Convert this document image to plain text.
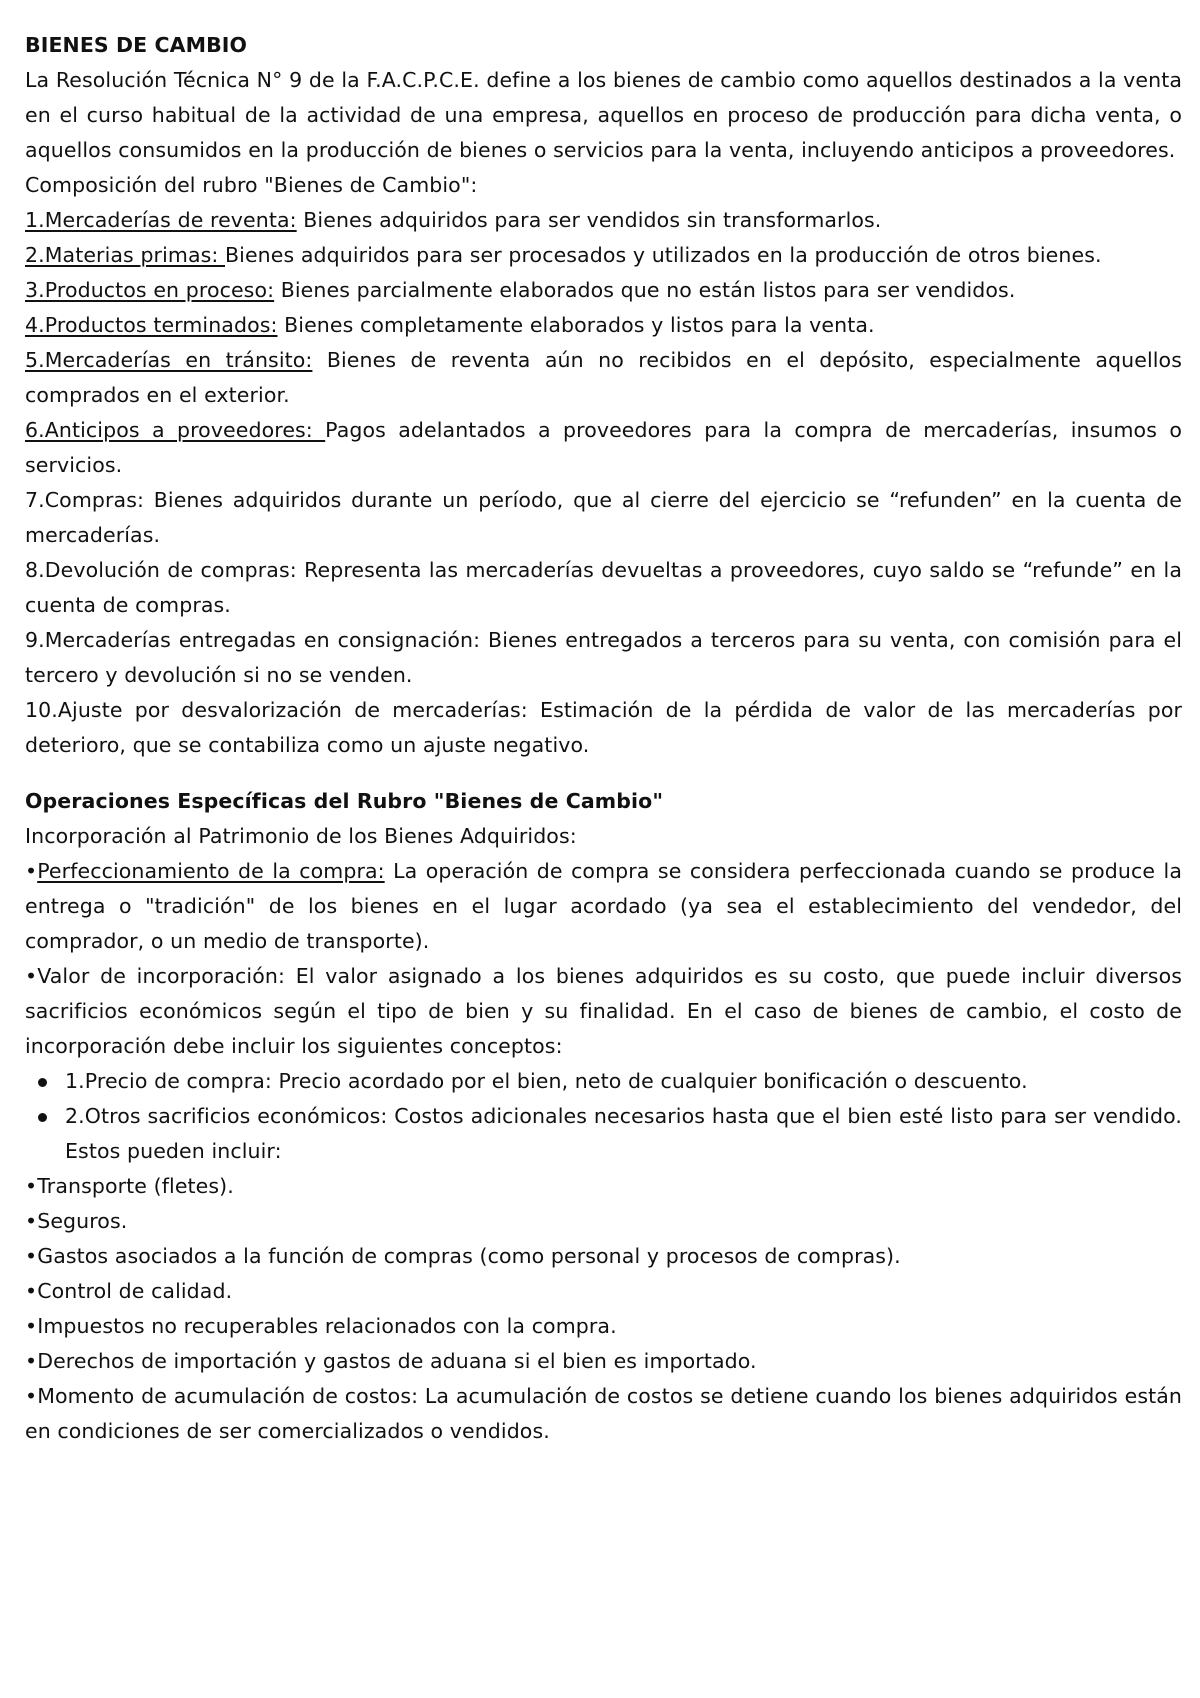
BIENES DE CAMBIO

La Resolución Técnica N° 9 de la F.A.C.P.C.E. define a los bienes de cambio como aquellos destinados a la venta en el curso habitual de la actividad de una empresa, aquellos en proceso de producción para dicha venta, o aquellos consumidos en la producción de bienes o servicios para la venta, incluyendo anticipos a proveedores.

Composición del rubro "Bienes de Cambio":

1.Mercaderías de reventa: Bienes adquiridos para ser vendidos sin transformarlos.

2.Materias primas: Bienes adquiridos para ser procesados y utilizados en la producción de otros bienes.

3.Productos en proceso: Bienes parcialmente elaborados que no están listos para ser vendidos.

4.Productos terminados: Bienes completamente elaborados y listos para la venta.

5.Mercaderías en tránsito: Bienes de reventa aún no recibidos en el depósito, especialmente aquellos comprados en el exterior.

6.Anticipos a proveedores: Pagos adelantados a proveedores para la compra de mercaderías, insumos o servicios.

7.Compras: Bienes adquiridos durante un período, que al cierre del ejercicio se “refunden” en la cuenta de mercaderías.

8.Devolución de compras: Representa las mercaderías devueltas a proveedores, cuyo saldo se “refunde” en la cuenta de compras.

9.Mercaderías entregadas en consignación: Bienes entregados a terceros para su venta, con comisión para el tercero y devolución si no se venden.

10.Ajuste por desvalorización de mercaderías: Estimación de la pérdida de valor de las mercaderías por deterioro, que se contabiliza como un ajuste negativo.

Operaciones Específicas del Rubro "Bienes de Cambio"

Incorporación al Patrimonio de los Bienes Adquiridos:

•Perfeccionamiento de la compra: La operación de compra se considera perfeccionada cuando se produce la entrega o "tradición" de los bienes en el lugar acordado (ya sea el establecimiento del vendedor, del comprador, o un medio de transporte).

•Valor de incorporación: El valor asignado a los bienes adquiridos es su costo, que puede incluir diversos sacrificios económicos según el tipo de bien y su finalidad. En el caso de bienes de cambio, el costo de incorporación debe incluir los siguientes conceptos:

1.Precio de compra: Precio acordado por el bien, neto de cualquier bonificación o descuento.
2.Otros sacrificios económicos: Costos adicionales necesarios hasta que el bien esté listo para ser vendido. Estos pueden incluir:

•Transporte (fletes).

•Seguros.

•Gastos asociados a la función de compras (como personal y procesos de compras).

•Control de calidad.

•Impuestos no recuperables relacionados con la compra.

•Derechos de importación y gastos de aduana si el bien es importado.

•Momento de acumulación de costos: La acumulación de costos se detiene cuando los bienes adquiridos están en condiciones de ser comercializados o vendidos.
